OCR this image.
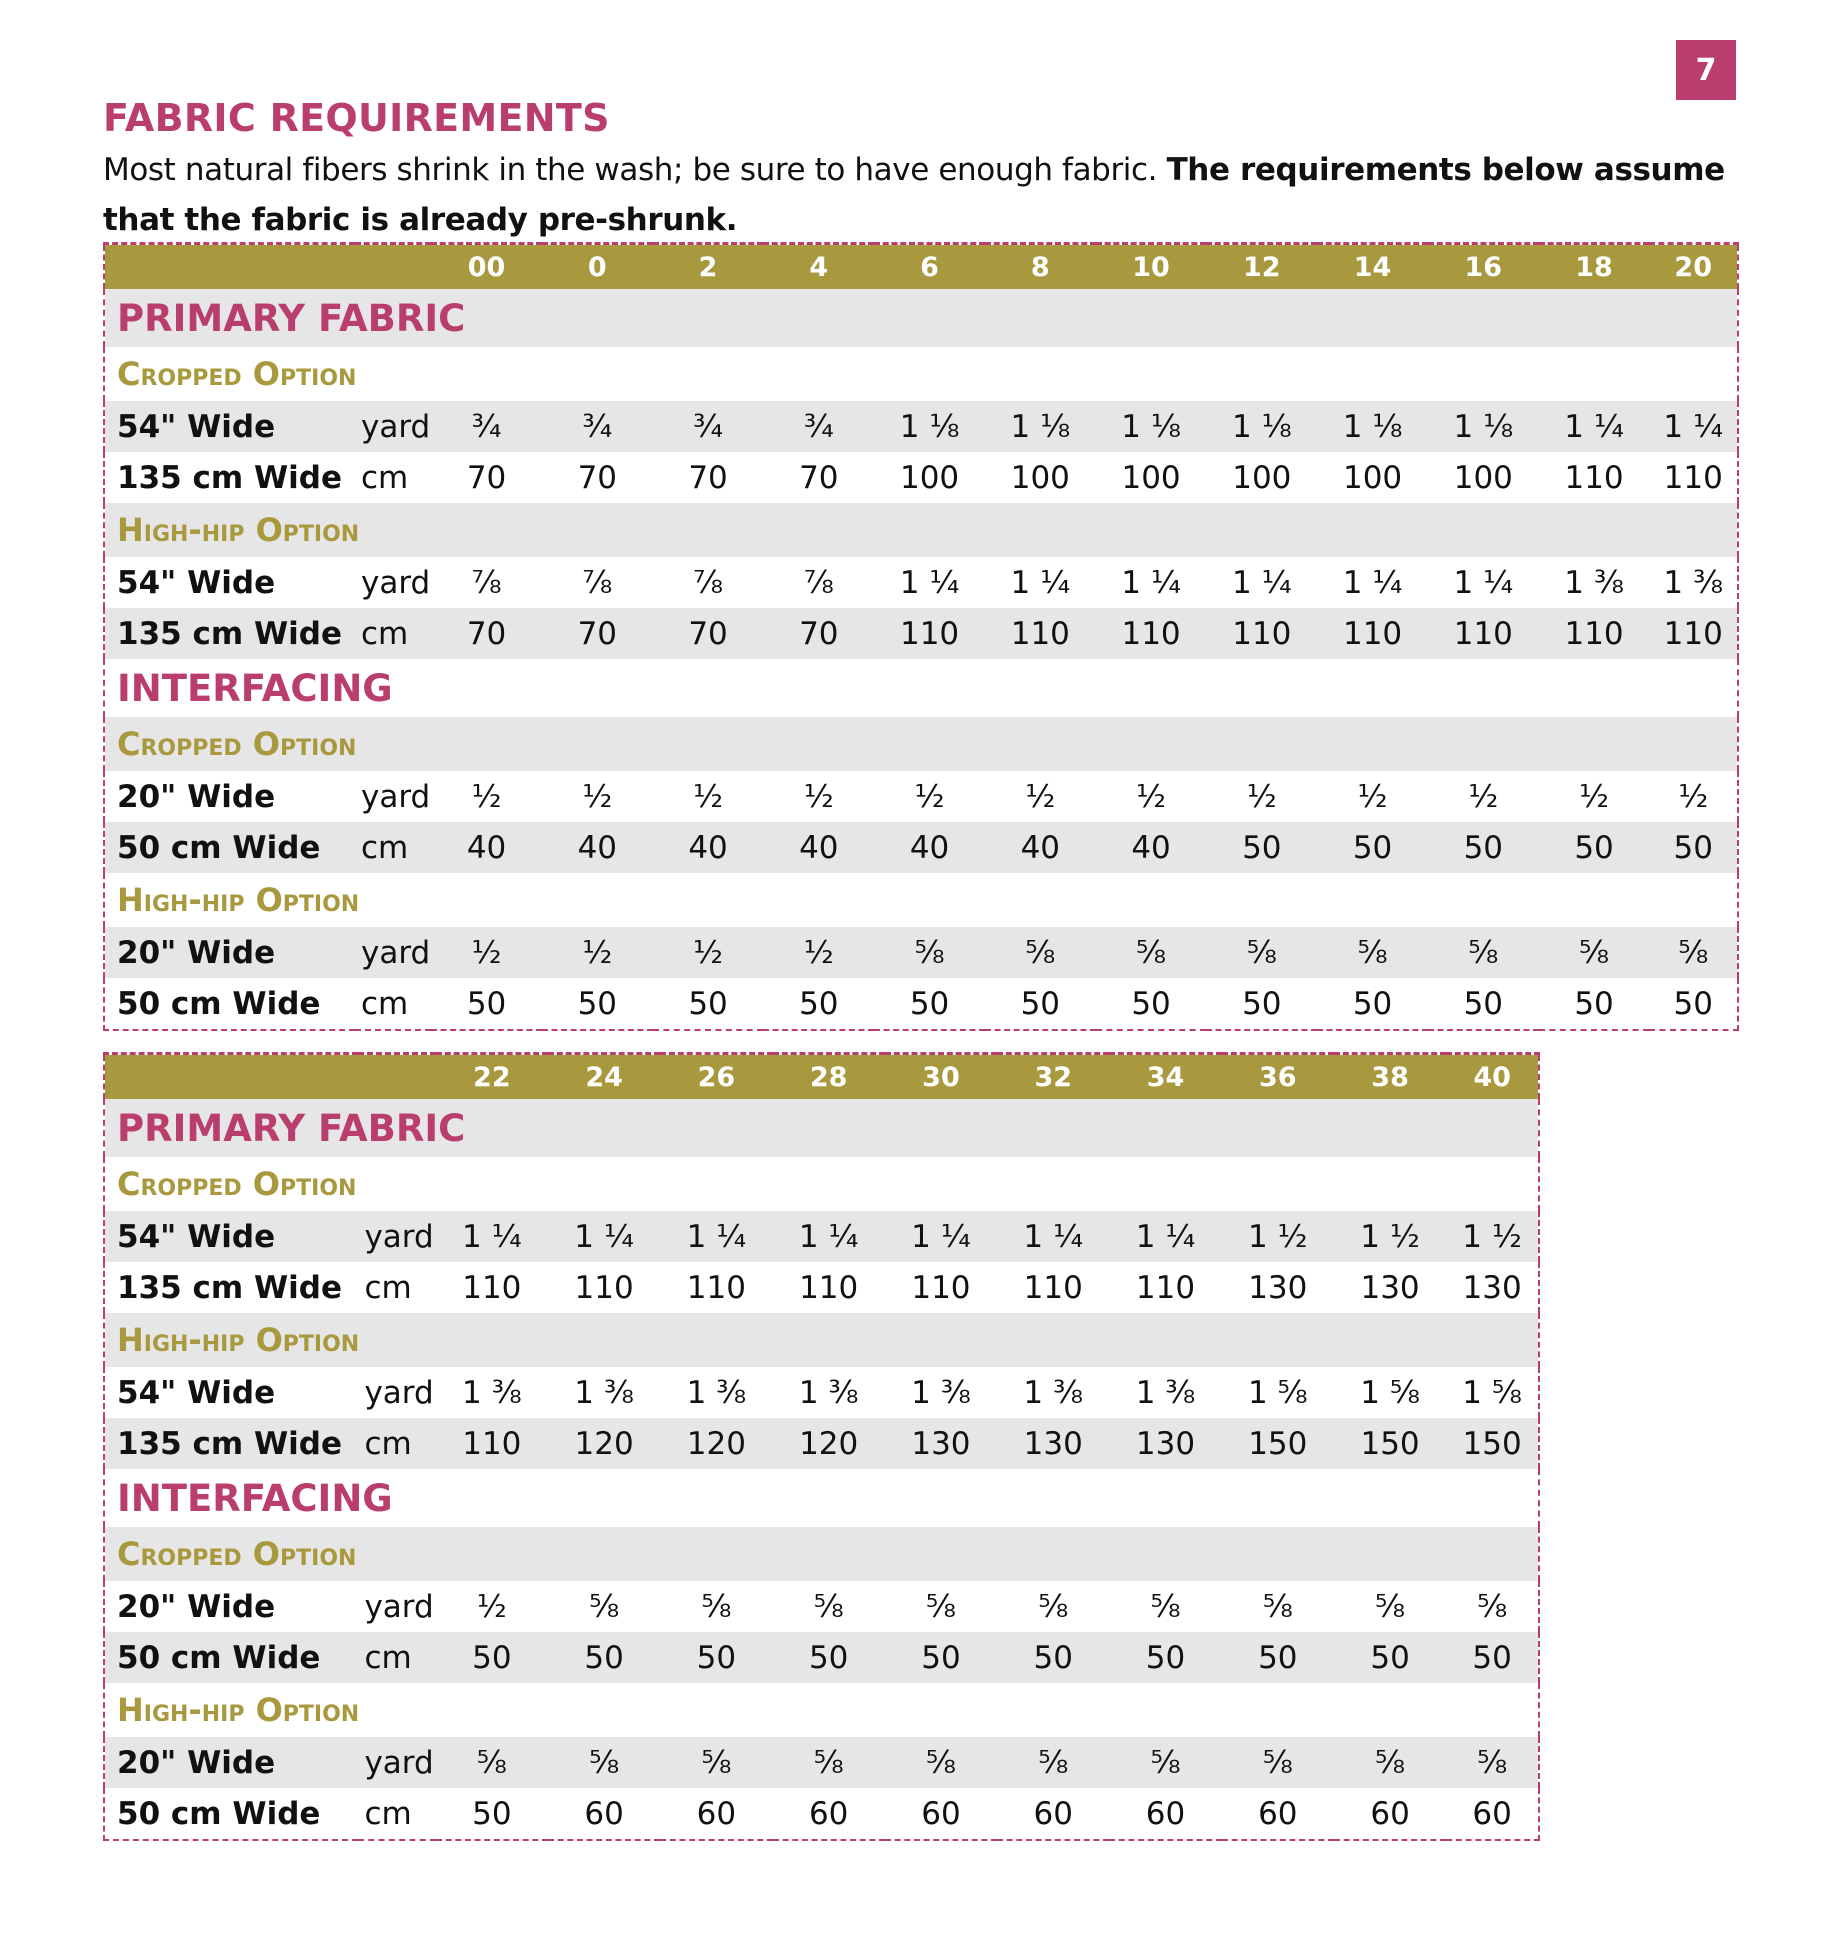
7
FABRIC REQUIREMENTS

Most natural fibers shrink in the wash; be sure to have enough fabric. The requirements below assume that the fabric is already pre-shrunk.

		00	0	2	4	6	8	10	12	14	16	18	20
PRIMARY FABRIC													
Cropped Option													
54" Wide	yard	¾	¾	¾	¾	1 ⅛	1 ⅛	1 ⅛	1 ⅛	1 ⅛	1 ⅛	1 ¼	1 ¼
135 cm Wide	cm	70	70	70	70	100	100	100	100	100	100	110	110
High-hip Option													
54" Wide	yard	⅞	⅞	⅞	⅞	1 ¼	1 ¼	1 ¼	1 ¼	1 ¼	1 ¼	1 ⅜	1 ⅜
135 cm Wide	cm	70	70	70	70	110	110	110	110	110	110	110	110
INTERFACING													
Cropped Option													
20" Wide	yard	½	½	½	½	½	½	½	½	½	½	½	½
50 cm Wide	cm	40	40	40	40	40	40	40	50	50	50	50	50
High-hip Option													
20" Wide	yard	½	½	½	½	⅝	⅝	⅝	⅝	⅝	⅝	⅝	⅝
50 cm Wide	cm	50	50	50	50	50	50	50	50	50	50	50	50
		22	24	26	28	30	32	34	36	38	40
PRIMARY FABRIC											
Cropped Option											
54" Wide	yard	1 ¼	1 ¼	1 ¼	1 ¼	1 ¼	1 ¼	1 ¼	1 ½	1 ½	1 ½
135 cm Wide	cm	110	110	110	110	110	110	110	130	130	130
High-hip Option											
54" Wide	yard	1 ⅜	1 ⅜	1 ⅜	1 ⅜	1 ⅜	1 ⅜	1 ⅜	1 ⅝	1 ⅝	1 ⅝
135 cm Wide	cm	110	120	120	120	130	130	130	150	150	150
INTERFACING											
Cropped Option											
20" Wide	yard	½	⅝	⅝	⅝	⅝	⅝	⅝	⅝	⅝	⅝
50 cm Wide	cm	50	50	50	50	50	50	50	50	50	50
High-hip Option											
20" Wide	yard	⅝	⅝	⅝	⅝	⅝	⅝	⅝	⅝	⅝	⅝
50 cm Wide	cm	50	60	60	60	60	60	60	60	60	60
